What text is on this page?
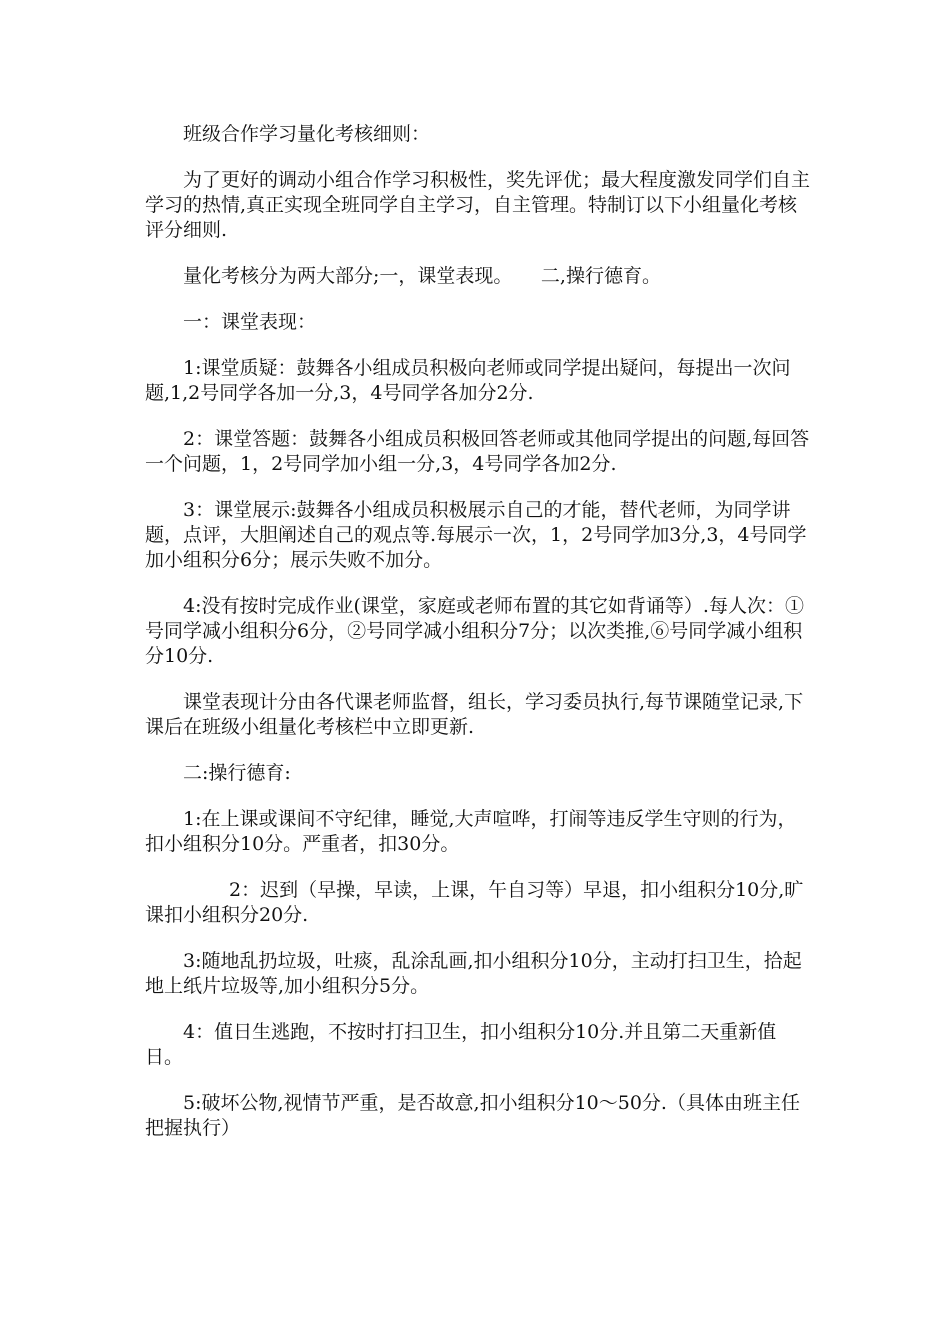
班级合作学习量化考核细则：

为了更好的调动小组合作学习积极性，奖先评优；最大程度激发同学们自主学习的热情,真正实现全班同学自主学习，自主管理。特制订以下小组量化考核评分细则.

量化考核分为两大部分;一，课堂表现。　　二,操行德育。

一：课堂表现：

1:课堂质疑：鼓舞各小组成员积极向老师或同学提出疑问，每提出一次问题,1,2号同学各加一分,3，4号同学各加分2分.

2：课堂答题：鼓舞各小组成员积极回答老师或其他同学提出的问题,每回答一个问题，1，2号同学加小组一分,3，4号同学各加2分.

3：课堂展示:鼓舞各小组成员积极展示自己的才能，替代老师，为同学讲题，点评，大胆阐述自己的观点等.每展示一次，1，2号同学加3分,3，4号同学加小组积分6分；展示失败不加分。

4:没有按时完成作业(课堂，家庭或老师布置的其它如背诵等）.每人次：①号同学减小组积分6分，②号同学减小组积分7分；以次类推,⑥号同学减小组积分10分.

课堂表现计分由各代课老师监督，组长，学习委员执行,每节课随堂记录,下课后在班级小组量化考核栏中立即更新.

二:操行德育:

1:在上课或课间不守纪律，睡觉,大声喧哗，打闹等违反学生守则的行为，扣小组积分10分。严重者，扣30分。

2：迟到（早操，早读，上课，午自习等）早退，扣小组积分10分,旷课扣小组积分20分.

3:随地乱扔垃圾，吐痰，乱涂乱画,扣小组积分10分，主动打扫卫生，拾起地上纸片垃圾等,加小组积分5分。

4：值日生逃跑，不按时打扫卫生，扣小组积分10分.并且第二天重新值日。

5:破坏公物,视情节严重，是否故意,扣小组积分10～50分.（具体由班主任把握执行）
